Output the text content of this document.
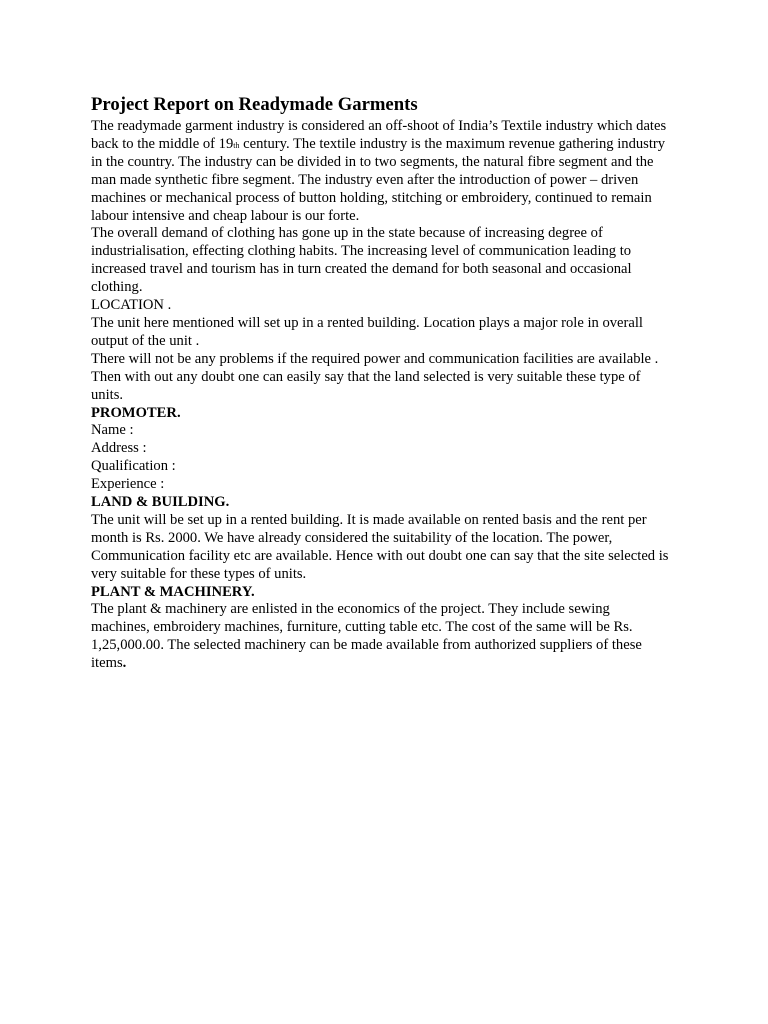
Project Report on Readymade Garments

The readymade garment industry is considered an off-shoot of India’s Textile industry which dates back to the middle of 19th century. The textile industry is the maximum revenue gathering industry in the country. The industry can be divided in to two segments, the natural fibre segment and the man made synthetic fibre segment. The industry even after the introduction of power – driven machines or mechanical process of button holding, stitching or embroidery, continued to remain labour intensive and cheap labour is our forte.

The overall demand of clothing has gone up in the state because of increasing degree of industrialisation, effecting clothing habits. The increasing level of communication leading to increased travel and tourism has in turn created the demand for both seasonal and occasional clothing.

LOCATION .

The unit here mentioned will set up in a rented building. Location plays a major role in overall output of the unit .

There will not be any problems if the required power and communication facilities are available . Then with out any doubt one can easily say that the land selected is very suitable these type of units.

PROMOTER.

Name :

Address :

Qualification :

Experience :

LAND & BUILDING.

The unit will be set up in a rented building. It is made available on rented basis and the rent per month is Rs. 2000. We have already considered the suitability of the location. The power, Communication facility etc are available. Hence with out doubt one can say that the site selected is very suitable for these types of units.

PLANT & MACHINERY.

The plant & machinery are enlisted in the economics of the project. They include sewing machines, embroidery machines, furniture, cutting table etc. The cost of the same will be Rs. 1,25,000.00. The selected machinery can be made available from authorized suppliers of these items.
